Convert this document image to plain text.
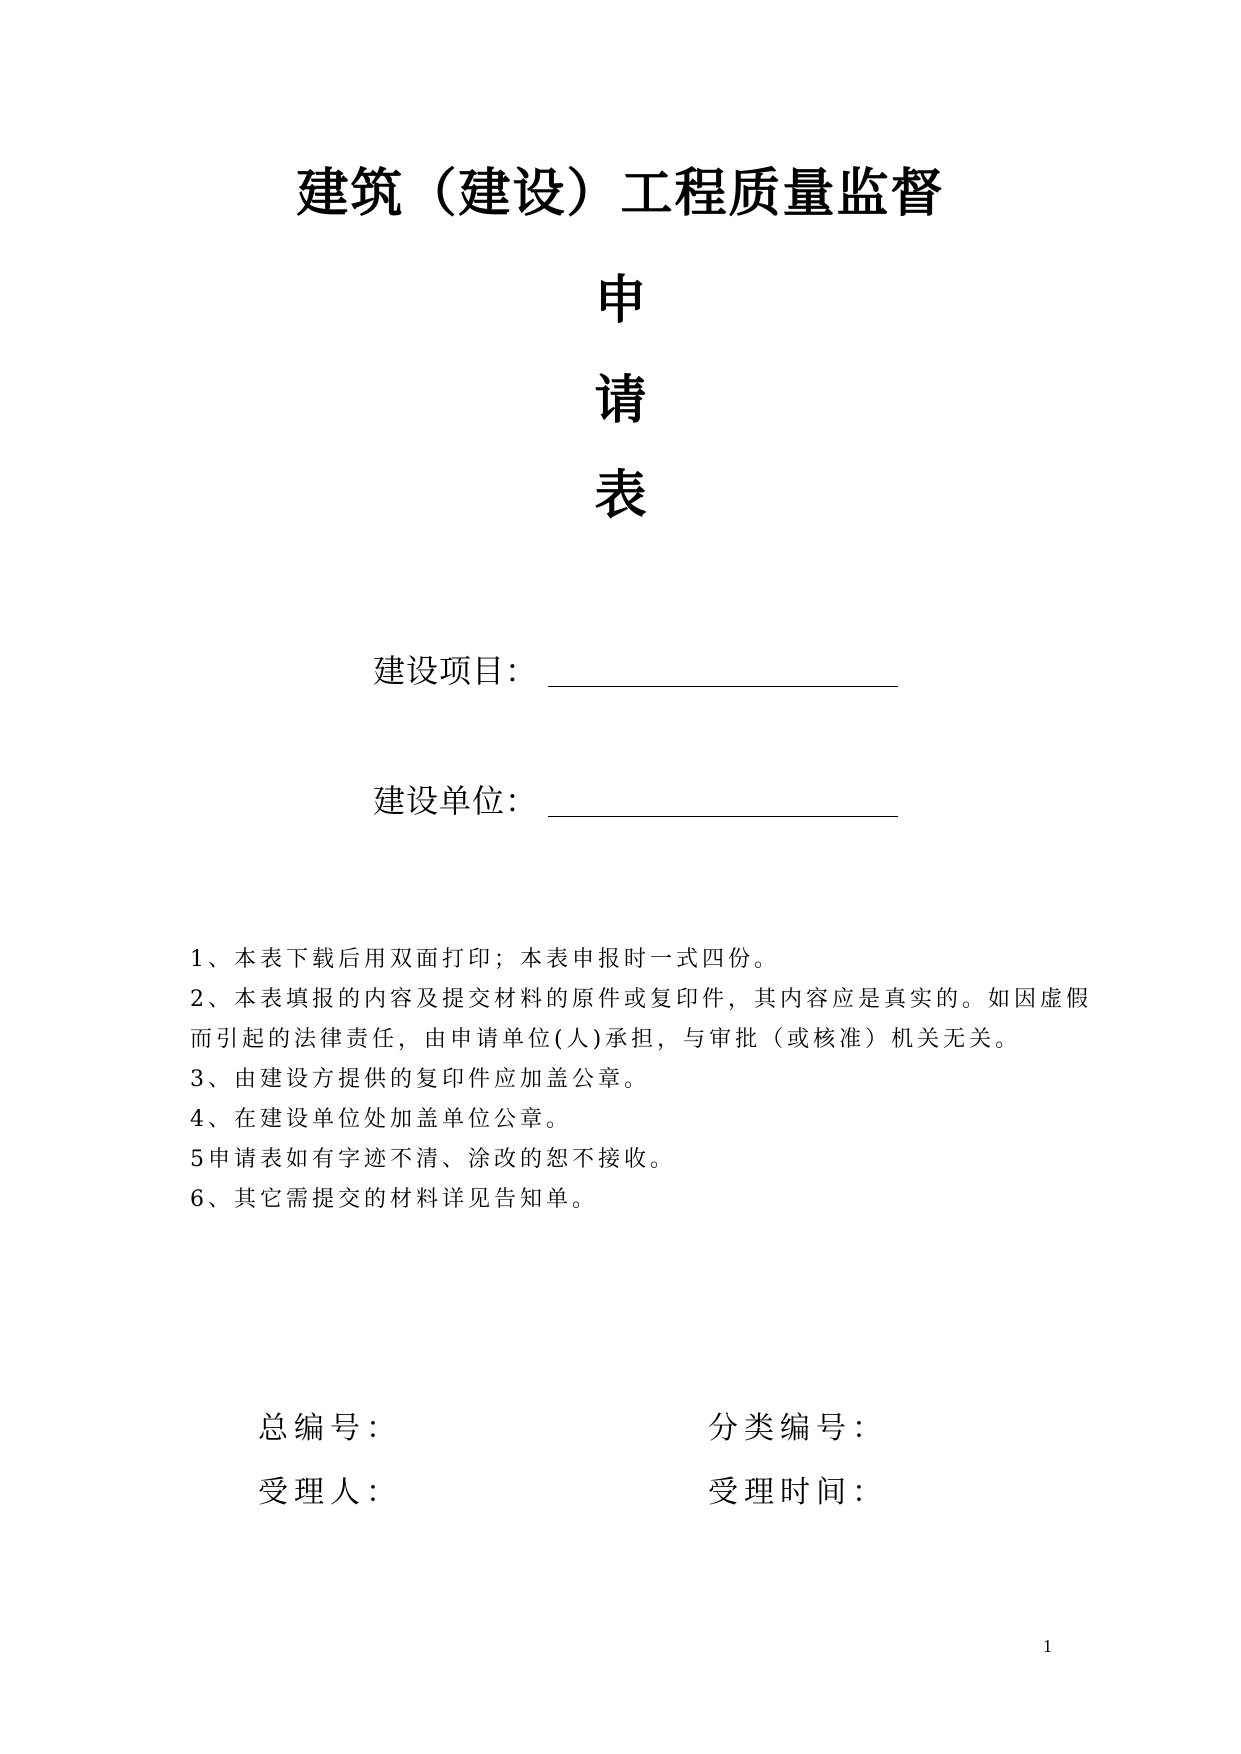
建筑（建设）工程质量监督
申
请
表
建设项目：
建设单位：
1、本表下载后用双面打印；本表申报时一式四份。
2、本表填报的内容及提交材料的原件或复印件，其内容应是真实的。如因虚假
而引起的法律责任，由申请单位(人)承担，与审批（或核准）机关无关。
3、由建设方提供的复印件应加盖公章。
4、在建设单位处加盖单位公章。
5申请表如有字迹不清、涂改的恕不接收。
6、其它需提交的材料详见告知单。
总编号：	分类编号：
受理人：	受理时间：
1
